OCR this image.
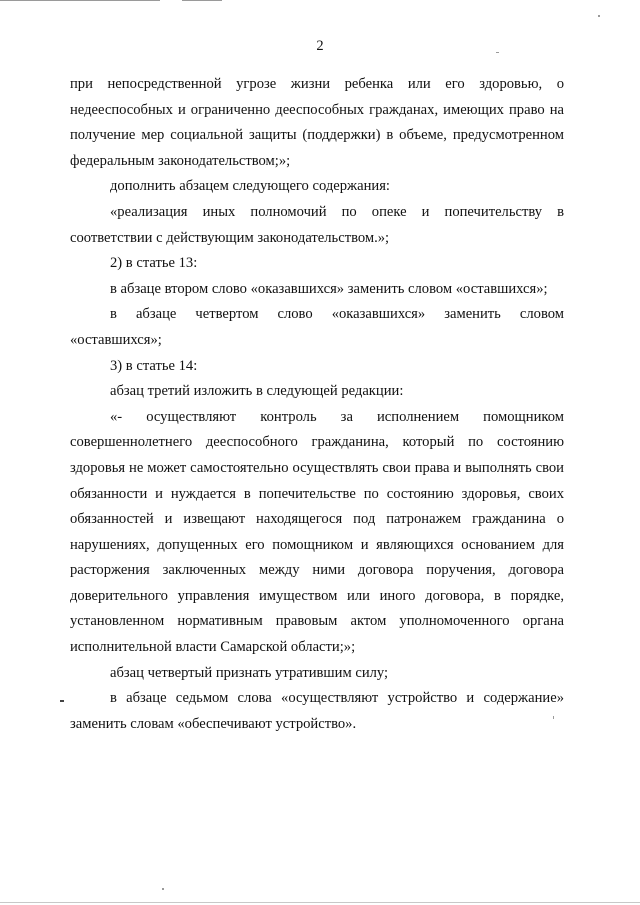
2

при непосредственной угрозе жизни ребенка или его здоровью, о недееспособных и ограниченно дееспособных гражданах, имеющих право на получение мер социальной защиты (поддержки) в объеме, предусмотренном федеральным законодательством;»;

дополнить абзацем следующего содержания:

«реализация иных полномочий по опеке и попечительству в соответствии с действующим законодательством.»;

2) в статье 13:

в абзаце втором слово «оказавшихся» заменить словом «оставшихся»;

в абзаце четвертом слово «оказавшихся» заменить словом «оставшихся»;

3) в статье 14:

абзац третий изложить в следующей редакции:

«- осуществляют контроль за исполнением помощником совершеннолетнего дееспособного гражданина, который по состоянию здоровья не может самостоятельно осуществлять свои права и выполнять свои обязанности и нуждается в попечительстве по состоянию здоровья, своих обязанностей и извещают находящегося под патронажем гражданина о нарушениях, допущенных его помощником и являющихся основанием для расторжения заключенных между ними договора поручения, договора доверительного управления имуществом или иного договора, в порядке, установленном нормативным правовым актом уполномоченного органа исполнительной власти Самарской области;»;

абзац четвертый признать утратившим силу;

в абзаце седьмом слова «осуществляют устройство и содержание» заменить словам «обеспечивают устройство».
